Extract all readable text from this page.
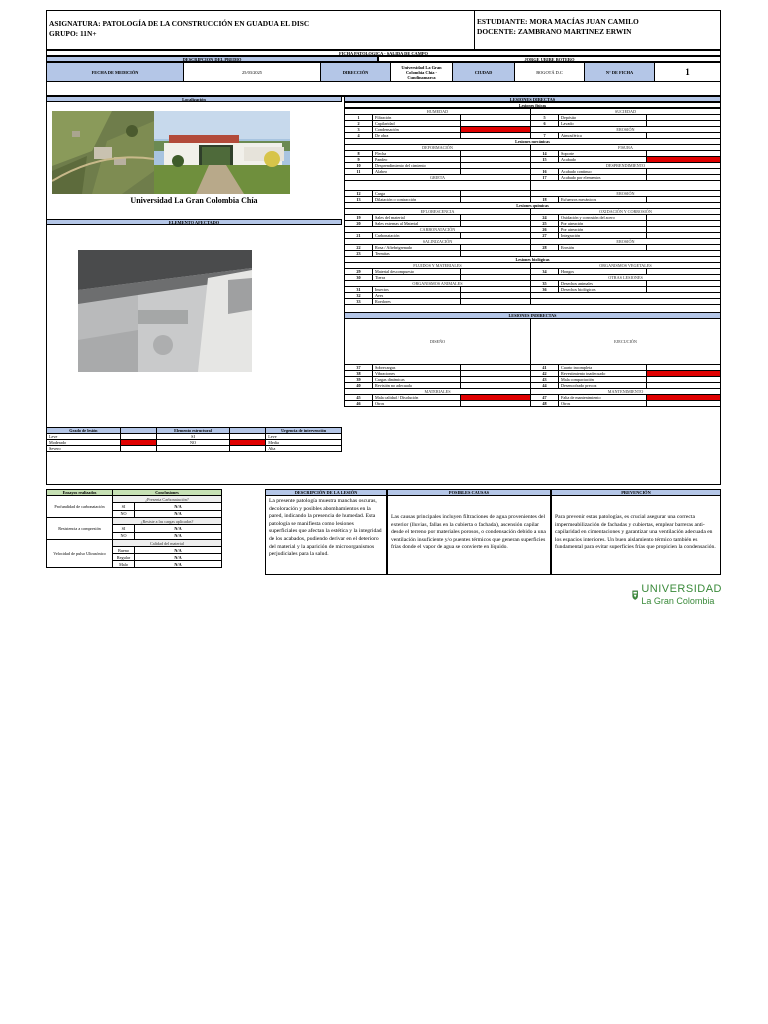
ASIGNATURA: PATOLOGÍA DE LA CONSTRUCCIÓN EN GUADUA EL DISC
GRUPO: 11N+
ESTUDIANTE: MORA MACÍAS JUAN CAMILO
DOCENTE: ZAMBRANO MARTINEZ ERWIN
FICHA PATOLOGICA - SALIDA DE CAMPO
DESCRIPCION DEL PREDIO	JORGE URIBE BOTERO
FECHA DE MEDICIÓN	25/03/2025	DIRECCIÓN
Universidad La Gran Colombia Chía - Cundinamarca
CIUDAD	BOGOTÁ D.C	N° DE FICHA	1
Localización
Universidad La Gran Colombia Chía
ELEMENTO AFECTADO
Grado de lesión		Elemento estructural		Urgencia de intervención
Leve		SI		Leve
Moderado		NO		Media
Severo				Alta
LESIONES DIRECTAS
Lesiones físicas
HUMEDAD			SUCIEDAD		
1	Filtración		5	Depósito	
2	Capilaridad		6	Lavado	
3	Condensación		EROSIÓN		
4	De obra		7	Atmosférica	
Lesiones mecánicas					
DEFORMACIÓN			FISURA		
8	Flecha		14	Soporte	
9	Pandeo		15	Acabado	
10	Desprendimiento del cimiento		DESPRENDIMIENTO		
11	Alabeo		16	Acabado continuo	
GRIETA			17	Acabado por elementos	

12	Carga		EROSIÓN		
13	Dilatación o contracción		18	Esfuerzos mecánicos	
Lesiones químicas					
EFLORESCENCIA			OXIDACIÓN Y CORROSIÓN		
19	Sales del material		24	Oxidación y corrosión del acero	
20	Sales externas al Material		25	Por aireación	
CARBONATACIÓN			26	Por aireación	
21	Carbonatación		27	Integración	
SALINIZACIÓN			EROSIÓN		
22	Rosa / Afiebrigrenado		28	Erosión	
23	Termitas				
Lesiones biológicas					
FLUIDOS Y MATERIALES			ORGANISMOS VEGETALES		
29	Material descompuesto		34	Hongos	
30	Tierra		OTRAS LESIONES		
ORGANISMOS ANIMALES			35	Desechos animales	
31	Insectos		36	Desechos biológicos	
32	Aves				
33	Roedores				

LESIONES INDIRECTAS					
DISEÑO			EJECUCIÓN		
37	Sobrecargas		41	Cuarto incompleta	
38	Vibraciones		42	Revestimiento inadecuado	
39	Cargas dinámicas		43	Mala compactación	
40	Revisión no adecuada		44	Desencofrado precoz	
MATERIALES			MANTENIMIENTO		
45	Mala calidad / Disolución		47	Falta de mantenimiento	
46	Otros		48	Otros	
Ensayos realizados	Conclusiones	
Profundidad de carbonatación	¿Presenta Carbonatación?	
	SI	N/A
	NO	N/A
Resistencia a compresión	¿Resiste a las cargas aplicadas?	
	SI	N/A
	NO	N/A
Velocidad de pulso Ultrasónico	Calidad del material	
	Bueno	N/A
	Regular	N/A
	Malo	N/A
DESCRIPCIÓN DE LA LESIÓN
La presente patología muestra manchas oscuras, decoloración y posibles abombamientos en la pared, indicando la presencia de humedad. Esta patología se manifiesta como lesiones superficiales que afectan la estética y la integridad de los acabados, pudiendo derivar en el deterioro del material y la aparición de microorganismos perjudiciales para la salud.
POSIBLES CAUSAS
Las causas principales incluyen filtraciones de agua provenientes del exterior (lluvias, fallas en la cubierta o fachada), ascensión capilar desde el terreno por materiales porosos, o condensación debido a una ventilación insuficiente y/o puentes térmicos que generan superficies frías donde el vapor de agua se convierte en líquido.
PREVENCIÓN
Para prevenir estas patologías, es crucial asegurar una correcta impermeabilización de fachadas y cubiertas, emplear barreras anti-capilaridad en cimentaciones y garantizar una ventilación adecuada en los espacios interiores. Un buen aislamiento térmico también es fundamental para evitar superficies frías que propicien la condensación.
UNIVERSIDAD
La Gran Colombia
